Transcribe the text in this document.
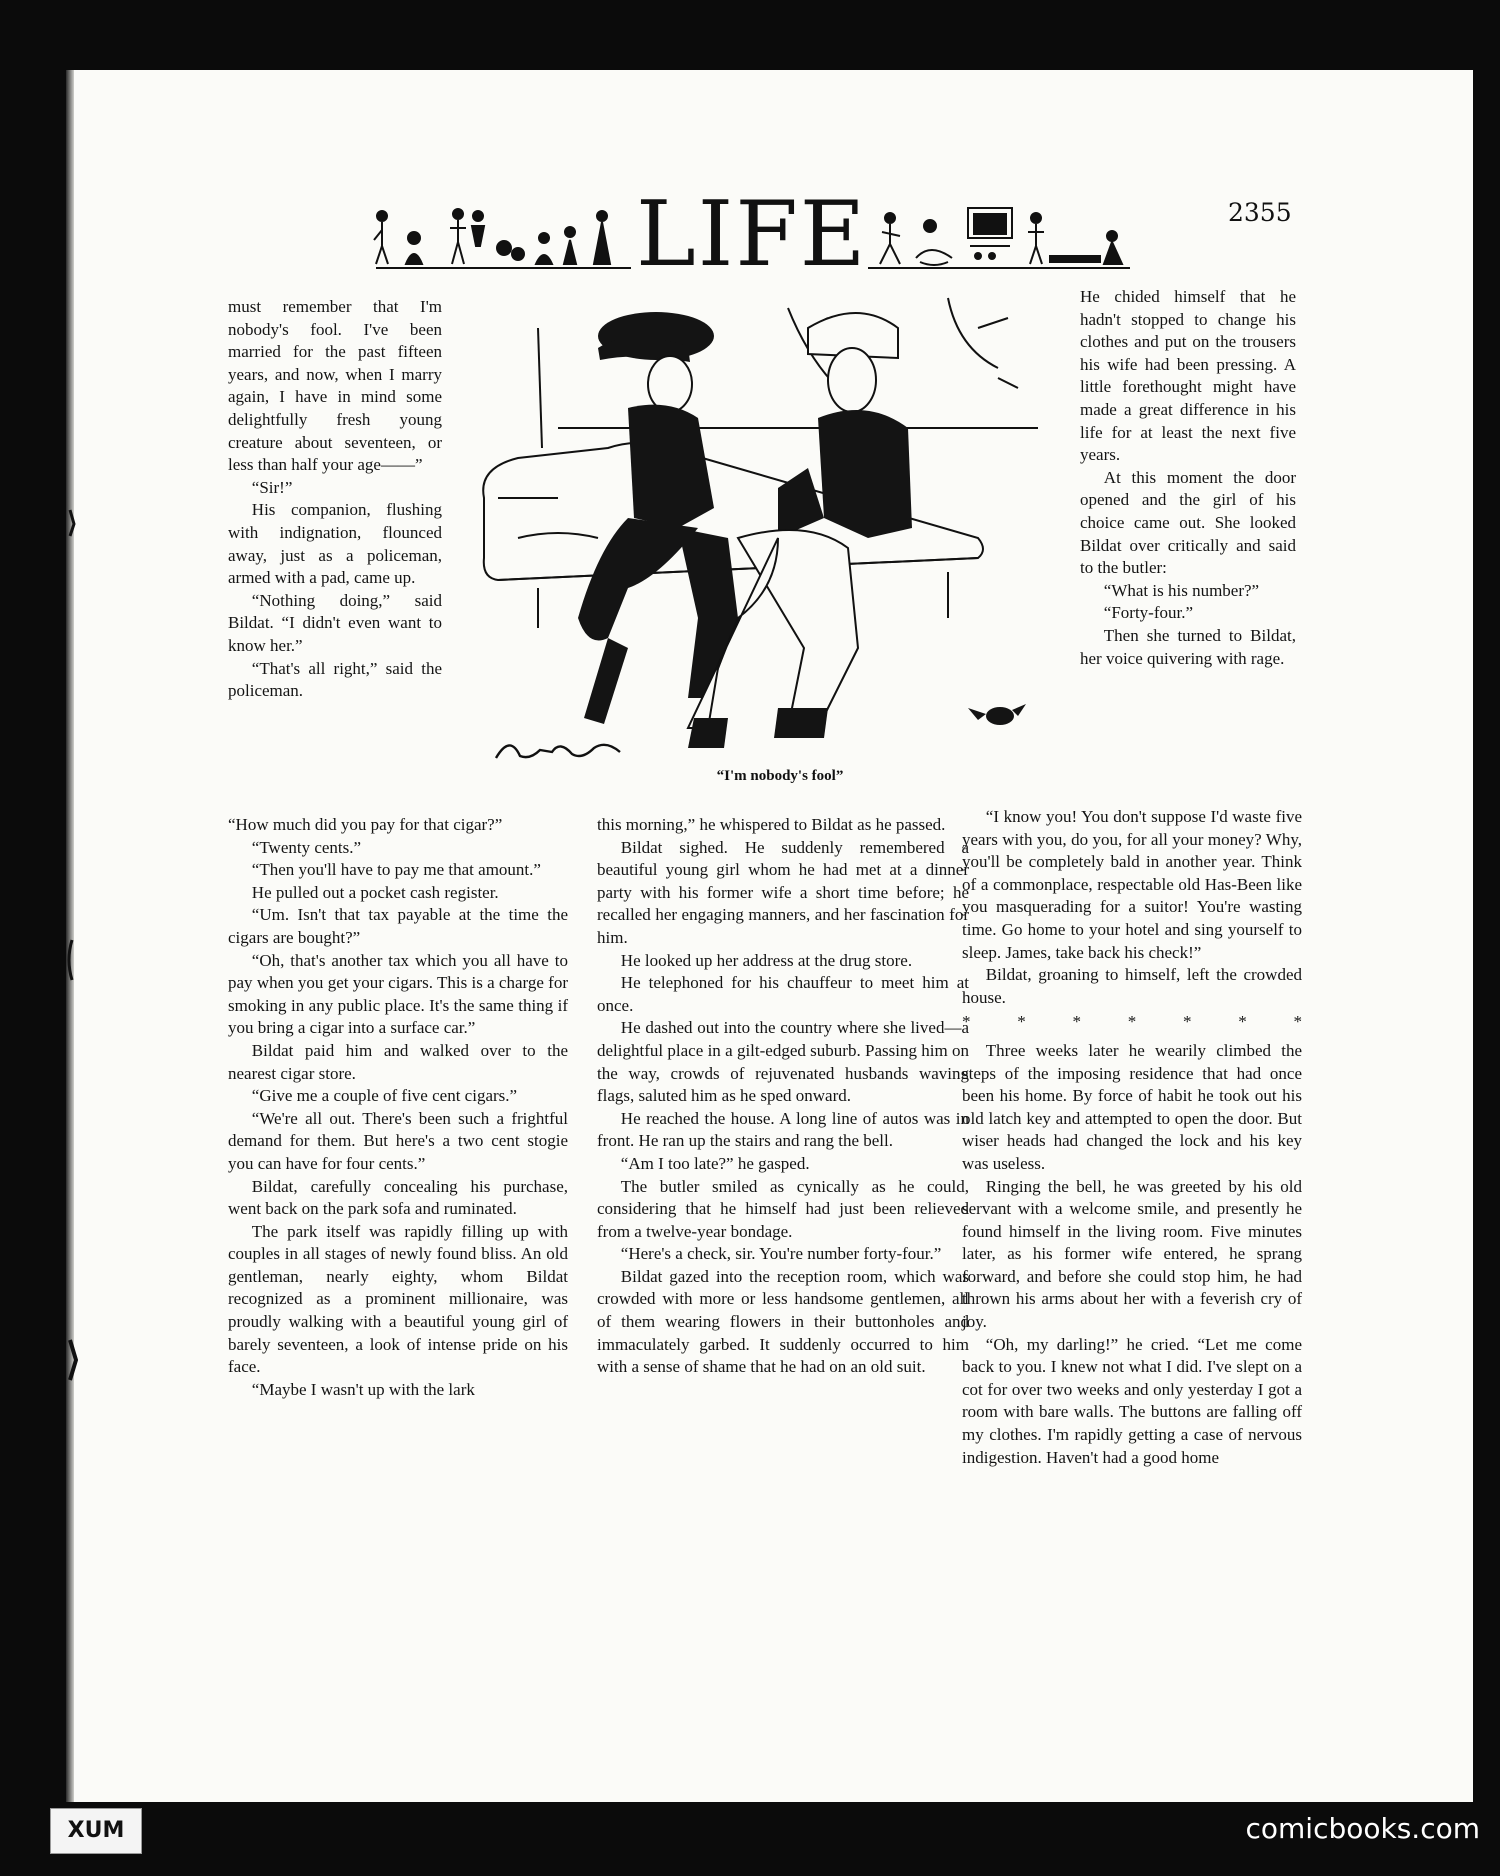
LIFE	2355
“I'm nobody's fool”

must remember that I'm nobody's fool. I've been married for the past fifteen years, and now, when I marry again, I have in mind some delightfully fresh young creature about seventeen, or less than half your age——”

“Sir!”

His companion, flushing with indignation, flounced away, just as a policeman, armed with a pad, came up.

“Nothing doing,” said Bildat. “I didn't even want to know her.”

“That's all right,” said the policeman.

“How much did you pay for that cigar?”

“Twenty cents.”

“Then you'll have to pay me that amount.”

He pulled out a pocket cash register.

“Um. Isn't that tax payable at the time the cigars are bought?”

“Oh, that's another tax which you all have to pay when you get your cigars. This is a charge for smoking in any public place. It's the same thing if you bring a cigar into a surface car.”

Bildat paid him and walked over to the nearest cigar store.

“Give me a couple of five cent cigars.”

“We're all out. There's been such a frightful demand for them. But here's a two cent stogie you can have for four cents.”

Bildat, carefully concealing his purchase, went back on the park sofa and ruminated.

The park itself was rapidly filling up with couples in all stages of newly found bliss. An old gentleman, nearly eighty, whom Bildat recognized as a prominent millionaire, was proudly walking with a beautiful young girl of barely seventeen, a look of intense pride on his face.

“Maybe I wasn't up with the lark

this morning,” he whispered to Bildat as he passed.

Bildat sighed. He suddenly remembered a beautiful young girl whom he had met at a dinner party with his former wife a short time before; he recalled her engaging manners, and her fascination for him.

He looked up her address at the drug store.

He telephoned for his chauffeur to meet him at once.

He dashed out into the country where she lived—a delightful place in a gilt-edged suburb. Passing him on the way, crowds of rejuvenated husbands waving flags, saluted him as he sped onward.

He reached the house. A long line of autos was in front. He ran up the stairs and rang the bell.

“Am I too late?” he gasped.

The butler smiled as cynically as he could, considering that he himself had just been relieved from a twelve-year bondage.

“Here's a check, sir. You're number forty-four.”

Bildat gazed into the reception room, which was crowded with more or less handsome gentlemen, all of them wearing flowers in their buttonholes and immaculately garbed. It suddenly occurred to him with a sense of shame that he had on an old suit.

He chided himself that he hadn't stopped to change his clothes and put on the trousers his wife had been pressing. A little forethought might have made a great difference in his life for at least the next five years.

At this moment the door opened and the girl of his choice came out. She looked Bildat over critically and said to the butler:

“What is his number?”

“Forty-four.”

Then she turned to Bildat, her voice quivering with rage.

“I know you! You don't suppose I'd waste five years with you, do you, for all your money? Why, you'll be completely bald in another year. Think of a commonplace, respectable old Has-Been like you masquerading for a suitor! You're wasting time. Go home to your hotel and sing yourself to sleep. James, take back his check!”

Bildat, groaning to himself, left the crowded house.

* * * * * * *

Three weeks later he wearily climbed the steps of the imposing residence that had once been his home. By force of habit he took out his old latch key and attempted to open the door. But wiser heads had changed the lock and his key was useless.

Ringing the bell, he was greeted by his old servant with a welcome smile, and presently he found himself in the living room. Five minutes later, as his former wife entered, he sprang forward, and before she could stop him, he had thrown his arms about her with a feverish cry of joy.

“Oh, my darling!” he cried. “Let me come back to you. I knew not what I did. I've slept on a cot for over two weeks and only yesterday I got a room with bare walls. The buttons are falling off my clothes. I'm rapidly getting a case of nervous indigestion. Haven't had a good home

XUM	comicbooks.com
